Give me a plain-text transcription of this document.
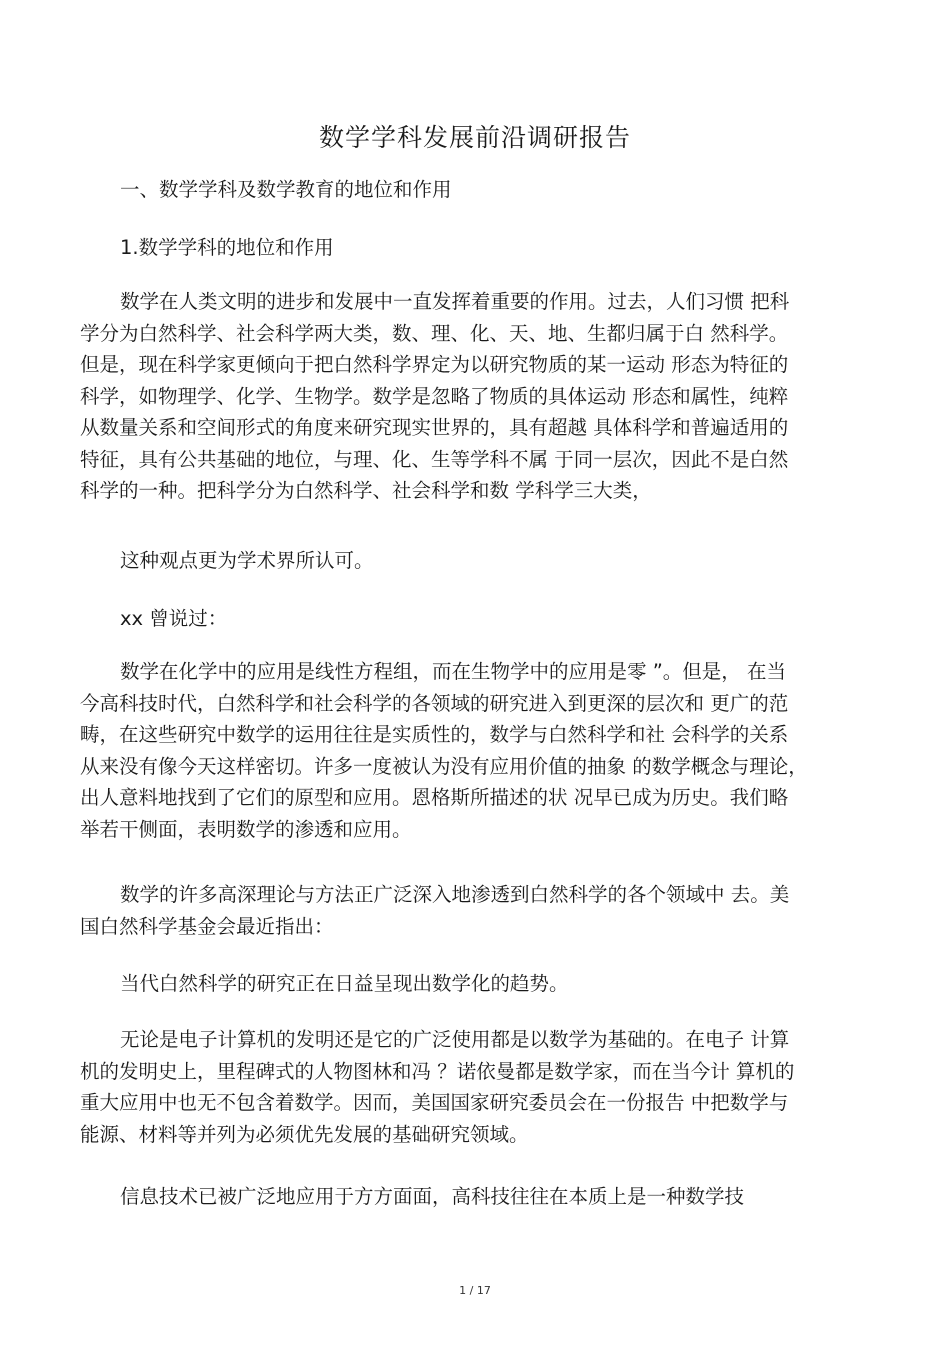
数学学科发展前沿调研报告

一、数学学科及数学教育的地位和作用

1.数学学科的地位和作用

数学在人类文明的进步和发展中一直发挥着重要的作用。过去，人们习惯 把科
学分为白然科学、社会科学两大类，数、理、化、天、地、生都归属于白 然科学。
但是，现在科学家更倾向于把白然科学界定为以研究物质的某一运动 形态为特征的
科学，如物理学、化学、生物学。数学是忽略了物质的具体运动 形态和属性，纯粹
从数量关系和空间形式的角度来研究现实世界的，具有超越 具体科学和普遍适用的
特征，具有公共基础的地位，与理、化、生等学科不属 于同一层次，因此不是白然
科学的一种。把科学分为白然科学、社会科学和数 学科学三大类，
这种观点更为学术界所认可。
xx 曾说过：
数学在化学中的应用是线性方程组，而在生物学中的应用是零 ”。但是， 在当
今高科技时代，白然科学和社会科学的各领域的研究进入到更深的层次和 更广的范
畴，在这些研究中数学的运用往往是实质性的，数学与白然科学和社 会科学的关系
从来没有像今天这样密切。许多一度被认为没有应用价值的抽象 的数学概念与理论，
出人意料地找到了它们的原型和应用。恩格斯所描述的状 况早已成为历史。我们略
举若干侧面，表明数学的渗透和应用。
数学的许多高深理论与方法正广泛深入地渗透到白然科学的各个领域中 去。美
国白然科学基金会最近指出：
当代白然科学的研究正在日益呈现出数学化的趋势。
无论是电子计算机的发明还是它的广泛使用都是以数学为基础的。在电子 计算
机的发明史上，里程碑式的人物图林和冯 ？诺依曼都是数学家，而在当今计 算机的
重大应用中也无不包含着数学。因而，美国国家研究委员会在一份报告 中把数学与
能源、材料等并列为必须优先发展的基础研究领域。
信息技术已被广泛地应用于方方面面，高科技往往在本质上是一种数学技

1 / 17
